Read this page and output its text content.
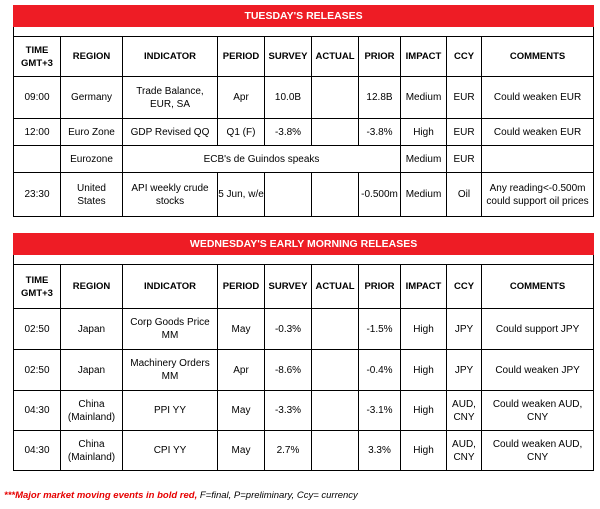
TUESDAY'S RELEASES									

TIME
GMT+3	REGION	INDICATOR	PERIOD	SURVEY	ACTUAL	PRIOR	IMPACT	CCY	COMMENTS
09:00	Germany	Trade Balance, EUR, SA	Apr	10.0B		12.8B	Medium	EUR	Could weaken EUR
12:00	Euro Zone	GDP Revised QQ	Q1 (F)	-3.8%		-3.8%	High	EUR	Could weaken EUR
	Eurozone	ECB's de Guindos speaks					Medium	EUR	
23:30	United States	API weekly crude stocks	5 Jun, w/e			-0.500m	Medium	Oil	Any reading<-0.500m could support oil prices
WEDNESDAY'S EARLY MORNING RELEASES									

TIME
GMT+3	REGION	INDICATOR	PERIOD	SURVEY	ACTUAL	PRIOR	IMPACT	CCY	COMMENTS
02:50	Japan	Corp Goods Price MM	May	-0.3%		-1.5%	High	JPY	Could support JPY
02:50	Japan	Machinery Orders MM	Apr	-8.6%		-0.4%	High	JPY	Could weaken JPY
04:30	China (Mainland)	PPI YY	May	-3.3%		-3.1%	High	AUD, CNY	Could weaken AUD, CNY
04:30	China (Mainland)	CPI YY	May	2.7%		3.3%	High	AUD, CNY	Could weaken AUD, CNY
***Major market moving events in bold red, F=final, P=preliminary, Ccy= currency
